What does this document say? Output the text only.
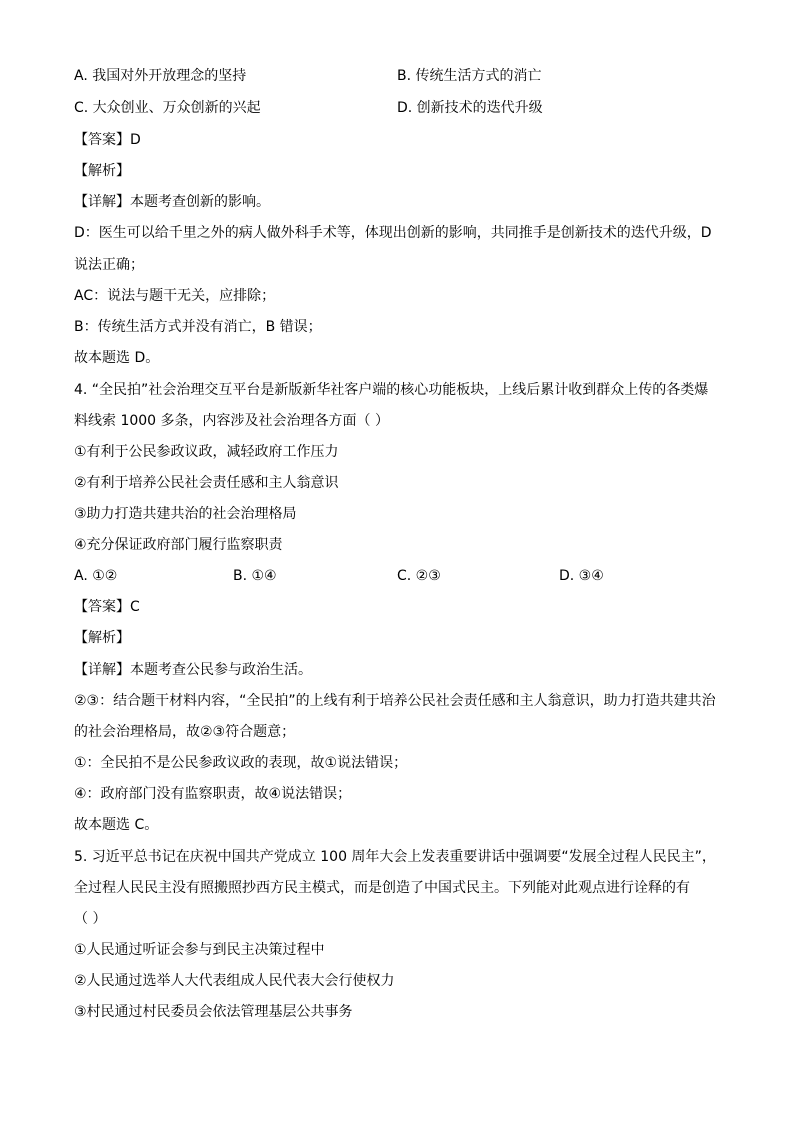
A. 我国对外开放理念的坚持	B. 传统生活方式的消亡
C. 大众创业、万众创新的兴起	D. 创新技术的迭代升级
【答案】D
【解析】
【详解】本题考查创新的影响。
D：医生可以给千里之外的病人做外科手术等，体现出创新的影响，共同推手是创新技术的迭代升级，D
说法正确；
AC：说法与题干无关，应排除；
B：传统生活方式并没有消亡，B 错误；
故本题选 D。
4. “全民拍”社会治理交互平台是新版新华社客户端的核心功能板块，上线后累计收到群众上传的各类爆
料线索 1000 多条，内容涉及社会治理各方面（ ）
①有利于公民参政议政，减轻政府工作压力
②有利于培养公民社会责任感和主人翁意识
③助力打造共建共治的社会治理格局
④充分保证政府部门履行监察职责
A. ①②	B. ①④	C. ②③	D. ③④
【答案】C
【解析】
【详解】本题考查公民参与政治生活。
②③：结合题干材料内容，“全民拍”的上线有利于培养公民社会责任感和主人翁意识，助力打造共建共治
的社会治理格局，故②③符合题意；
①：全民拍不是公民参政议政的表现，故①说法错误；
④：政府部门没有监察职责，故④说法错误；
故本题选 C。
5. 习近平总书记在庆祝中国共产党成立 100 周年大会上发表重要讲话中强调要“发展全过程人民民主”，
全过程人民民主没有照搬照抄西方民主模式，而是创造了中国式民主。下列能对此观点进行诠释的有
（ ）
①人民通过听证会参与到民主决策过程中
②人民通过选举人大代表组成人民代表大会行使权力
③村民通过村民委员会依法管理基层公共事务
